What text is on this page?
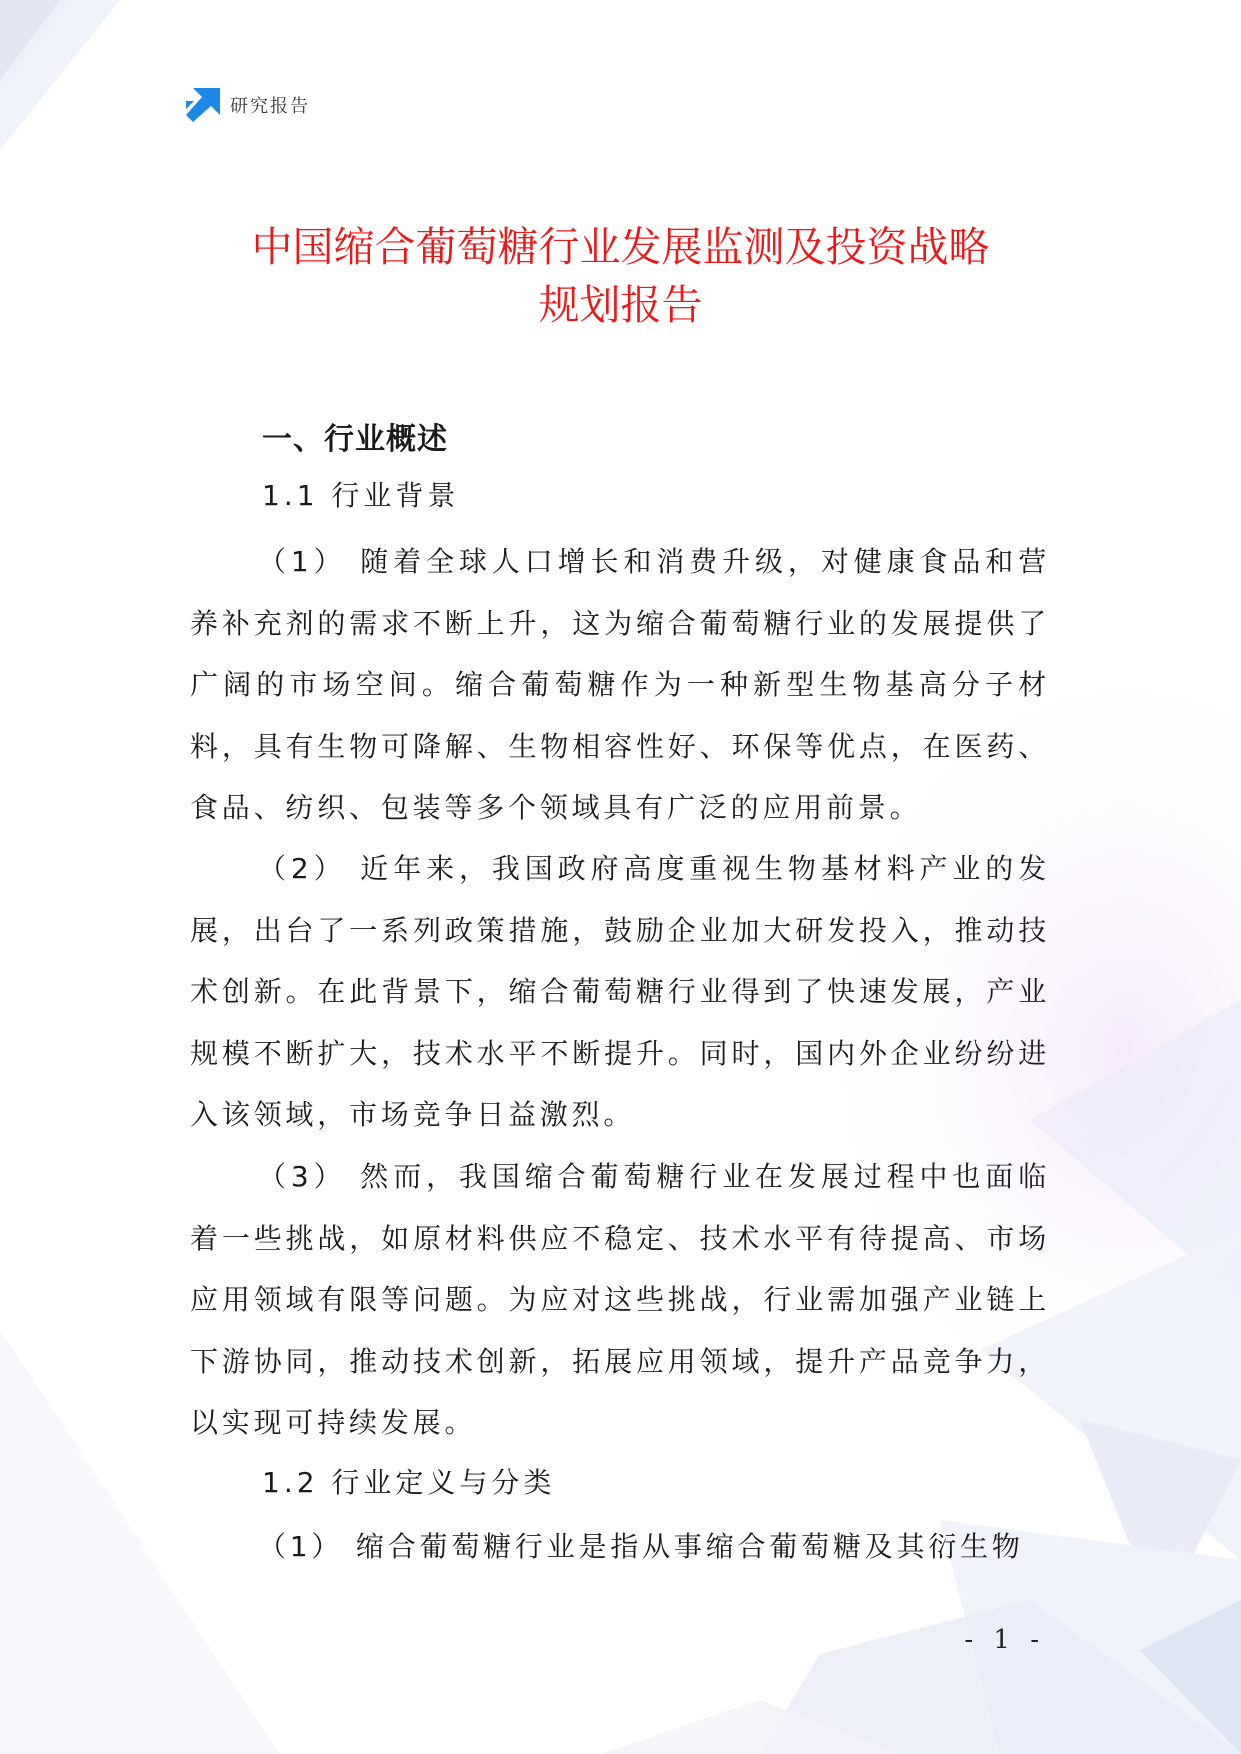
研究报告
中国缩合葡萄糖行业发展监测及投资战略
规划报告
一、行业概述
1.1 行业背景

（1） 随着全球人口增长和消费升级，对健康食品和营养补充剂的需求不断上升，这为缩合葡萄糖行业的发展提供了广阔的市场空间。缩合葡萄糖作为一种新型生物基高分子材料，具有生物可降解、生物相容性好、环保等优点，在医药、食品、纺织、包装等多个领域具有广泛的应用前景。

（2） 近年来，我国政府高度重视生物基材料产业的发展，出台了一系列政策措施，鼓励企业加大研发投入，推动技术创新。在此背景下，缩合葡萄糖行业得到了快速发展，产业规模不断扩大，技术水平不断提升。同时，国内外企业纷纷进入该领域，市场竞争日益激烈。

（3） 然而，我国缩合葡萄糖行业在发展过程中也面临着一些挑战，如原材料供应不稳定、技术水平有待提高、市场应用领域有限等问题。为应对这些挑战，行业需加强产业链上下游协同，推动技术创新，拓展应用领域，提升产品竞争力，以实现可持续发展。

1.2 行业定义与分类

（1） 缩合葡萄糖行业是指从事缩合葡萄糖及其衍生物

- 1 -
